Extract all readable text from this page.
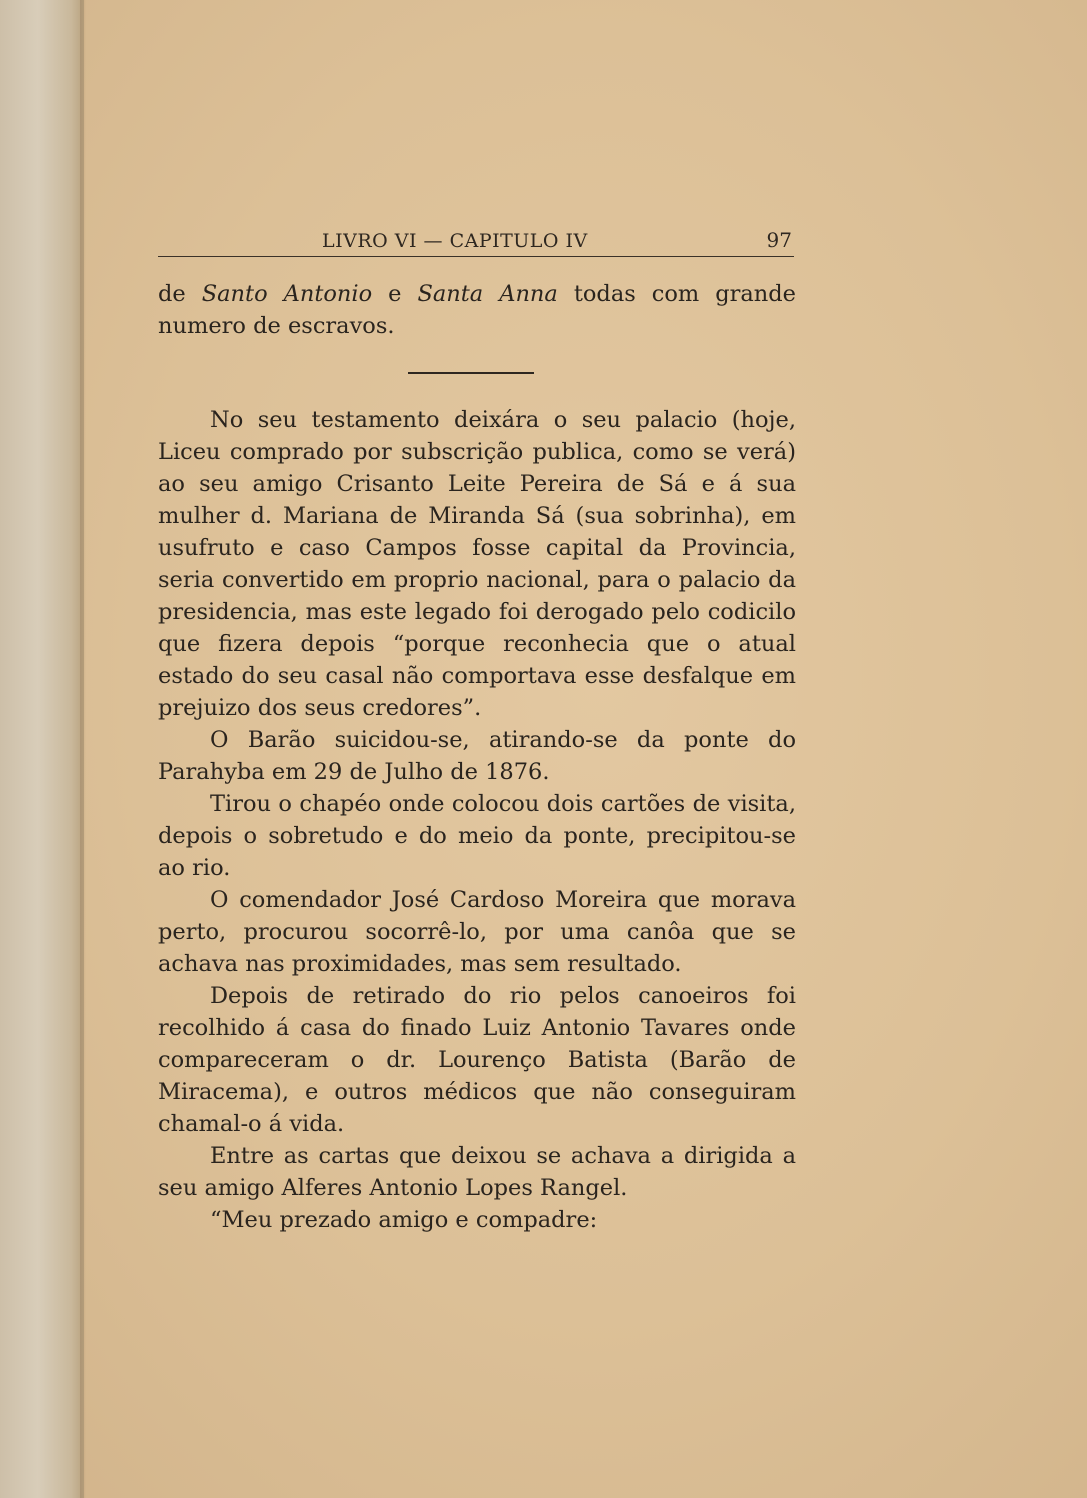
LIVRO VI — CAPITULO IV	97

de Santo Antonio e Santa Anna todas com grande numero de escravos.

No seu testamento deixára o seu palacio (hoje, Liceu comprado por subscrição publica, como se verá) ao seu amigo Crisanto Leite Pereira de Sá e á sua mulher d. Mariana de Miranda Sá (sua sobrinha), em usufruto e caso Campos fosse capital da Provincia, seria convertido em proprio nacional, para o palacio da presidencia, mas este legado foi derogado pelo codicilo que fizera depois “porque reconhecia que o atual estado do seu casal não comportava esse desfalque em prejuizo dos seus credores”.

O Barão suicidou-se, atirando-se da ponte do Parahyba em 29 de Julho de 1876.

Tirou o chapéo onde colocou dois cartões de visita, depois o sobretudo e do meio da ponte, precipitou-se ao rio.

O comendador José Cardoso Moreira que morava perto, procurou socorrê-lo, por uma canôa que se achava nas proximidades, mas sem resultado.

Depois de retirado do rio pelos canoeiros foi recolhido á casa do finado Luiz Antonio Tavares onde compareceram o dr. Lourenço Batista (Barão de Miracema), e outros médicos que não conseguiram chamal-o á vida.

Entre as cartas que deixou se achava a dirigida a seu amigo Alferes Antonio Lopes Rangel.

“Meu prezado amigo e compadre:
